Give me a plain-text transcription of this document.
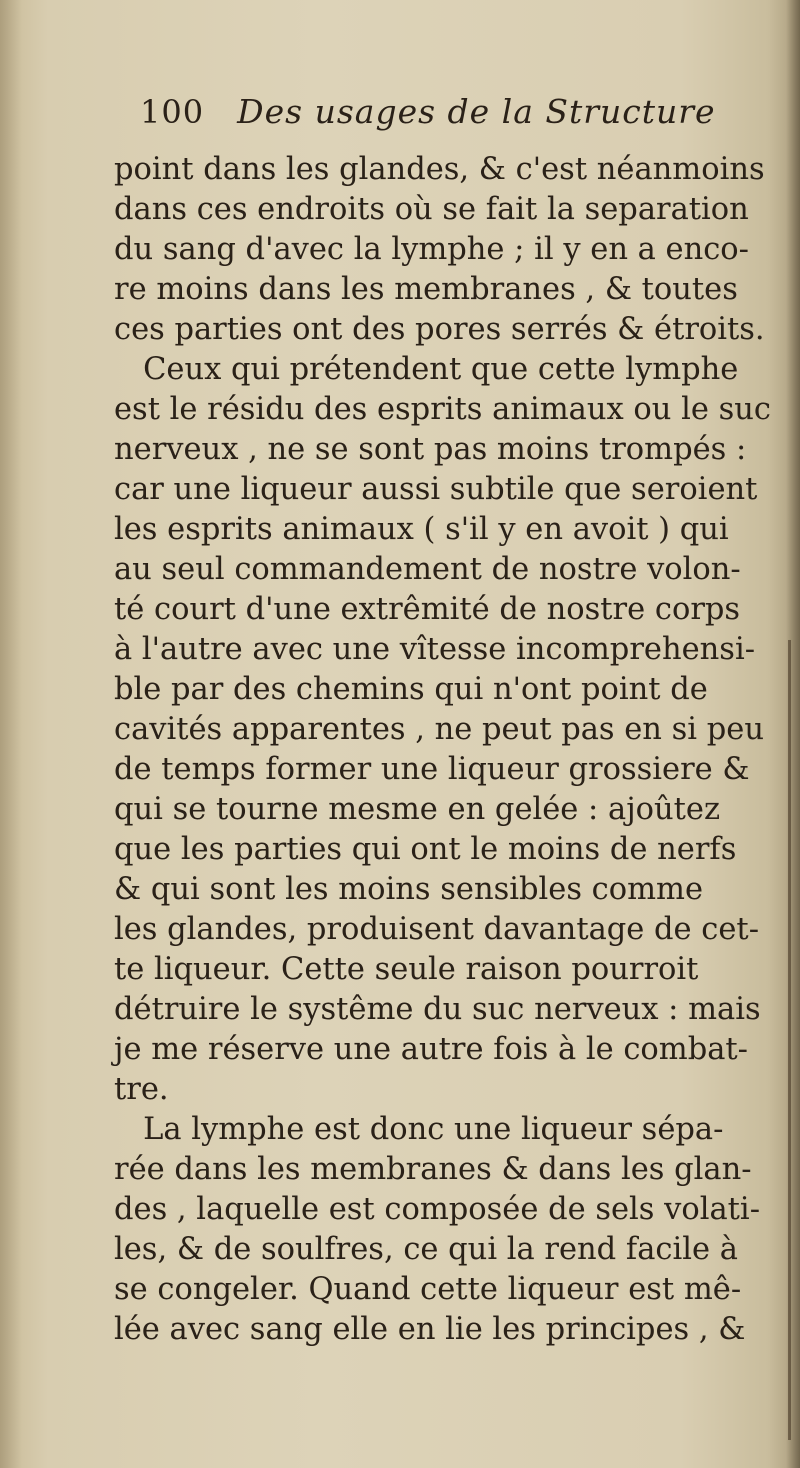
100 Des usages de la Structure
point dans les glandes, & c'est néanmoins
dans ces endroits où se fait la separation
du sang d'avec la lymphe ; il y en a enco-
re moins dans les membranes , & toutes
ces parties ont des pores serrés & étroits.
Ceux qui prétendent que cette lymphe
est le résidu des esprits animaux ou le suc
nerveux , ne se sont pas moins trompés :
car une liqueur aussi subtile que seroient
les esprits animaux ( s'il y en avoit ) qui
au seul commandement de nostre volon-
té court d'une extrêmité de nostre corps
à l'autre avec une vîtesse incomprehensi-
ble par des chemins qui n'ont point de
cavités apparentes , ne peut pas en si peu
de temps former une liqueur grossiere &
qui se tourne mesme en gelée : ajoûtez
que les parties qui ont le moins de nerfs
& qui sont les moins sensibles comme
les glandes, produisent davantage de cet-
te liqueur. Cette seule raison pourroit
détruire le systême du suc nerveux : mais
je me réserve une autre fois à le combat-
tre.
La lymphe est donc une liqueur sépa-
rée dans les membranes & dans les glan-
des , laquelle est composée de sels volati-
les, & de soulfres, ce qui la rend facile à
se congeler. Quand cette liqueur est mê-
lée avec sang elle en lie les principes , &
